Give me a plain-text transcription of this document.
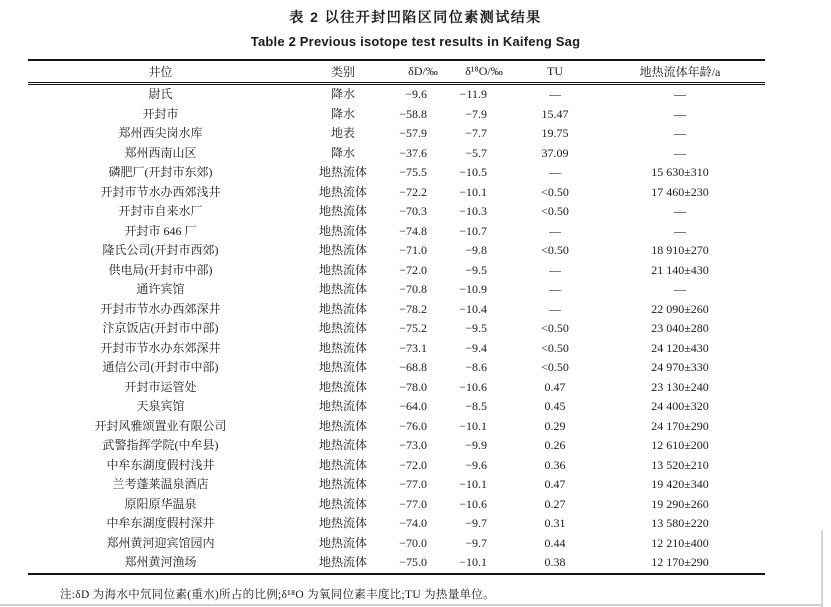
表 2 以往开封凹陷区同位素测试结果
Table 2 Previous isotope test results in Kaifeng Sag
井位	类别	δD/‰	δ¹⁸O/‰	TU	地热流体年龄/a
尉氏	降水	−9.6	−11.9	—	—
开封市	降水	−58.8	−7.9	15.47	—
郑州西尖岗水库	地表	−57.9	−7.7	19.75	—
郑州西南山区	降水	−37.6	−5.7	37.09	—
磷肥厂(开封市东郊)	地热流体	−75.5	−10.5	—	15 630±310
开封市节水办西郊浅井	地热流体	−72.2	−10.1	<0.50	17 460±230
开封市自来水厂	地热流体	−70.3	−10.3	<0.50	—
开封市 646 厂	地热流体	−74.8	−10.7	—	—
隆氏公司(开封市西郊)	地热流体	−71.0	−9.8	<0.50	18 910±270
供电局(开封市中部)	地热流体	−72.0	−9.5	—	21 140±430
通许宾馆	地热流体	−70.8	−10.9	—	—
开封市节水办西郊深井	地热流体	−78.2	−10.4	—	22 090±260
汴京饭店(开封市中部)	地热流体	−75.2	−9.5	<0.50	23 040±280
开封市节水办东郊深井	地热流体	−73.1	−9.4	<0.50	24 120±430
通信公司(开封市中部)	地热流体	−68.8	−8.6	<0.50	24 970±330
开封市运管处	地热流体	−78.0	−10.6	0.47	23 130±240
天泉宾馆	地热流体	−64.0	−8.5	0.45	24 400±320
开封风雅颂置业有限公司	地热流体	−76.0	−10.1	0.29	24 170±290
武警指挥学院(中牟县)	地热流体	−73.0	−9.9	0.26	12 610±200
中牟东湖度假村浅井	地热流体	−72.0	−9.6	0.36	13 520±210
兰考蓬莱温泉酒店	地热流体	−77.0	−10.1	0.47	19 420±340
原阳原华温泉	地热流体	−77.0	−10.6	0.27	19 290±260
中牟东湖度假村深井	地热流体	−74.0	−9.7	0.31	13 580±220
郑州黄河迎宾馆园内	地热流体	−70.0	−9.7	0.44	12 210±400
郑州黄河渔场	地热流体	−75.0	−10.1	0.38	12 170±290
注:δD 为海水中氘同位素(重水)所占的比例;δ¹⁸O 为氧同位素丰度比;TU 为热量单位。
